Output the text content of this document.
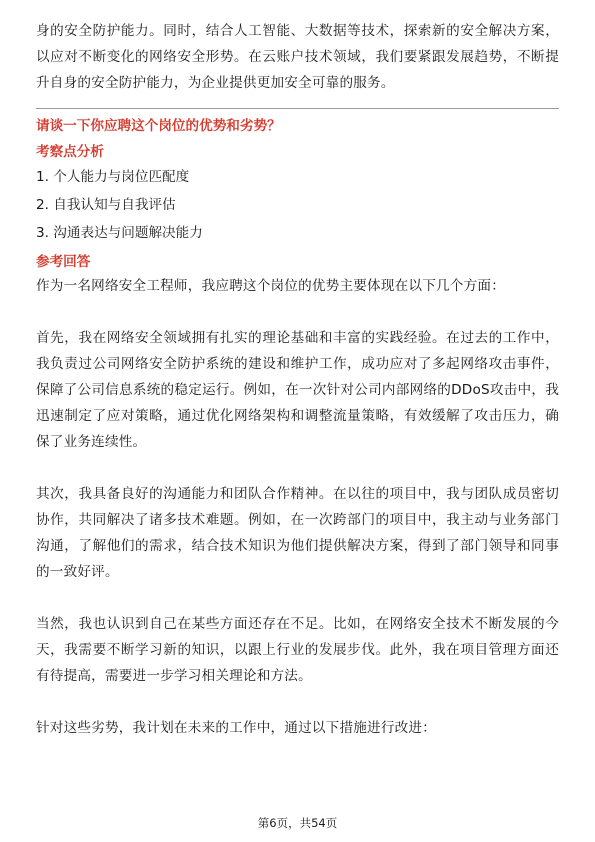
身的安全防护能力。同时，结合人工智能、大数据等技术，探索新的安全解决方案，以应对不断变化的网络安全形势。在云账户技术领域，我们要紧跟发展趋势，不断提升自身的安全防护能力，为企业提供更加安全可靠的服务。

请谈一下你应聘这个岗位的优势和劣势？

考察点分析

1. 个人能力与岗位匹配度

2. 自我认知与自我评估

3. 沟通表达与问题解决能力

参考回答

作为一名网络安全工程师，我应聘这个岗位的优势主要体现在以下几个方面：

首先，我在网络安全领域拥有扎实的理论基础和丰富的实践经验。在过去的工作中，我负责过公司网络安全防护系统的建设和维护工作，成功应对了多起网络攻击事件，保障了公司信息系统的稳定运行。例如，在一次针对公司内部网络的DDoS攻击中，我迅速制定了应对策略，通过优化网络架构和调整流量策略，有效缓解了攻击压力，确保了业务连续性。

其次，我具备良好的沟通能力和团队合作精神。在以往的项目中，我与团队成员密切协作，共同解决了诸多技术难题。例如，在一次跨部门的项目中，我主动与业务部门沟通，了解他们的需求，结合技术知识为他们提供解决方案，得到了部门领导和同事的一致好评。

当然，我也认识到自己在某些方面还存在不足。比如，在网络安全技术不断发展的今天，我需要不断学习新的知识，以跟上行业的发展步伐。此外，我在项目管理方面还有待提高，需要进一步学习相关理论和方法。

针对这些劣势，我计划在未来的工作中，通过以下措施进行改进：

第6页，共54页
